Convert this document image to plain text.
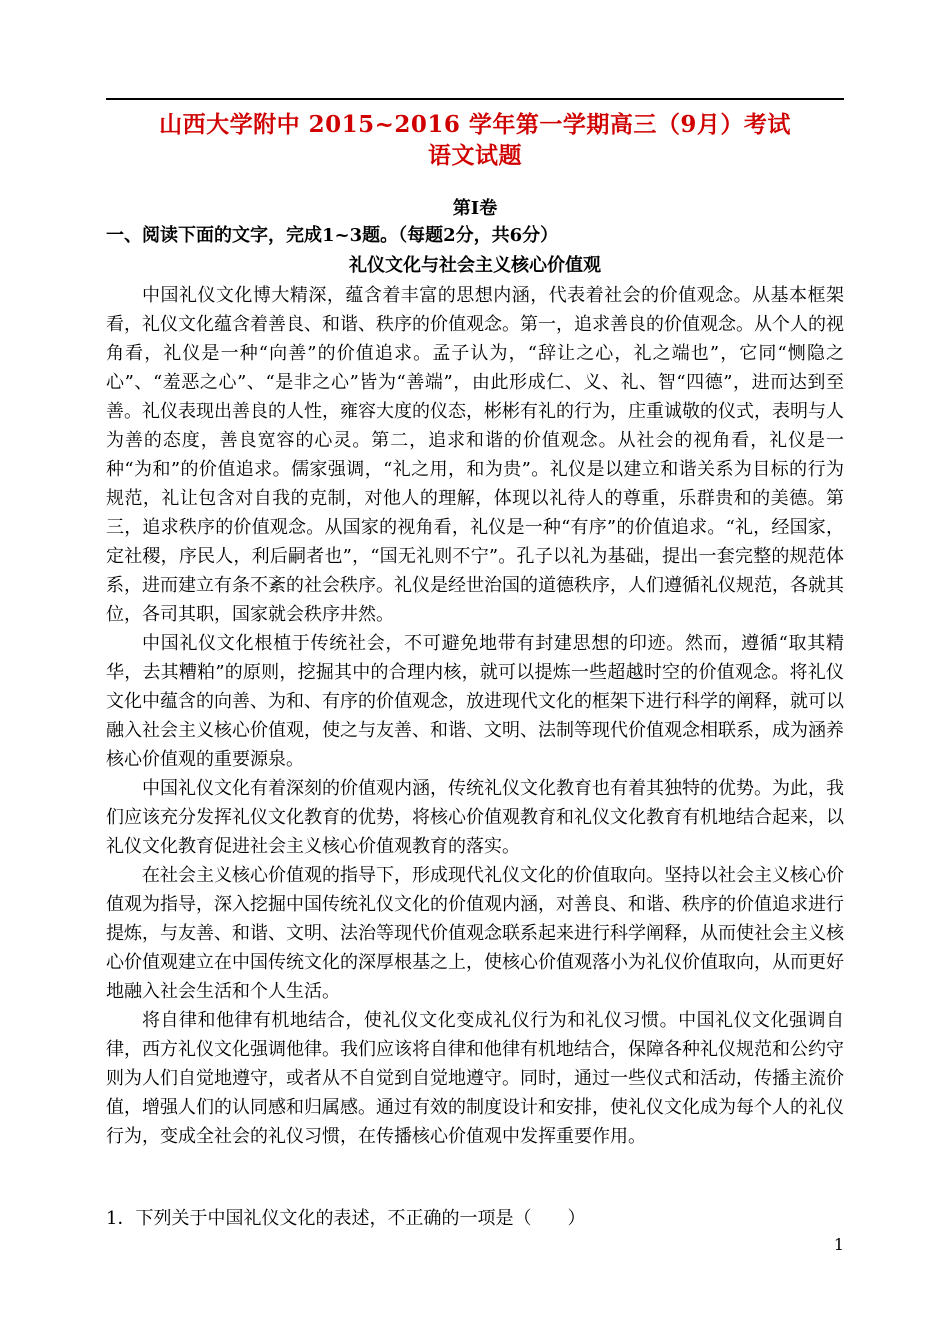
山西大学附中 2015~2016 学年第一学期高三（9月）考试
语文试题
第Ⅰ卷
一、阅读下面的文字，完成1~3题。（每题2分，共6分）
礼仪文化与社会主义核心价值观

中国礼仪文化博大精深，蕴含着丰富的思想内涵，代表着社会的价值观念。从基本框架看，礼仪文化蕴含着善良、和谐、秩序的价值观念。第一，追求善良的价值观念。从个人的视角看，礼仪是一种“向善”的价值追求。孟子认为，“辞让之心，礼之端也”，它同“恻隐之心”、“羞恶之心”、“是非之心”皆为“善端”，由此形成仁、义、礼、智“四德”，进而达到至善。礼仪表现出善良的人性，雍容大度的仪态，彬彬有礼的行为，庄重诚敬的仪式，表明与人为善的态度，善良宽容的心灵。第二，追求和谐的价值观念。从社会的视角看，礼仪是一种“为和”的价值追求。儒家强调，“礼之用，和为贵”。礼仪是以建立和谐关系为目标的行为规范，礼让包含对自我的克制，对他人的理解，体现以礼待人的尊重，乐群贵和的美德。第三，追求秩序的价值观念。从国家的视角看，礼仪是一种“有序”的价值追求。“礼，经国家，定社稷，序民人，利后嗣者也”，“国无礼则不宁”。孔子以礼为基础，提出一套完整的规范体系，进而建立有条不紊的社会秩序。礼仪是经世治国的道德秩序，人们遵循礼仪规范，各就其位，各司其职，国家就会秩序井然。

中国礼仪文化根植于传统社会，不可避免地带有封建思想的印迹。然而，遵循“取其精华，去其糟粕”的原则，挖掘其中的合理内核，就可以提炼一些超越时空的价值观念。将礼仪文化中蕴含的向善、为和、有序的价值观念，放进现代文化的框架下进行科学的阐释，就可以融入社会主义核心价值观，使之与友善、和谐、文明、法制等现代价值观念相联系，成为涵养核心价值观的重要源泉。

中国礼仪文化有着深刻的价值观内涵，传统礼仪文化教育也有着其独特的优势。为此，我们应该充分发挥礼仪文化教育的优势，将核心价值观教育和礼仪文化教育有机地结合起来，以礼仪文化教育促进社会主义核心价值观教育的落实。

在社会主义核心价值观的指导下，形成现代礼仪文化的价值取向。坚持以社会主义核心价值观为指导，深入挖掘中国传统礼仪文化的价值观内涵，对善良、和谐、秩序的价值追求进行提炼，与友善、和谐、文明、法治等现代价值观念联系起来进行科学阐释，从而使社会主义核心价值观建立在中国传统文化的深厚根基之上，使核心价值观落小为礼仪价值取向，从而更好地融入社会生活和个人生活。

将自律和他律有机地结合，使礼仪文化变成礼仪行为和礼仪习惯。中国礼仪文化强调自律，西方礼仪文化强调他律。我们应该将自律和他律有机地结合，保障各种礼仪规范和公约守则为人们自觉地遵守，或者从不自觉到自觉地遵守。同时，通过一些仪式和活动，传播主流价值，增强人们的认同感和归属感。通过有效的制度设计和安排，使礼仪文化成为每个人的礼仪行为，变成全社会的礼仪习惯，在传播核心价值观中发挥重要作用。

1．下列关于中国礼仪文化的表述，不正确的一项是（　　）
1
